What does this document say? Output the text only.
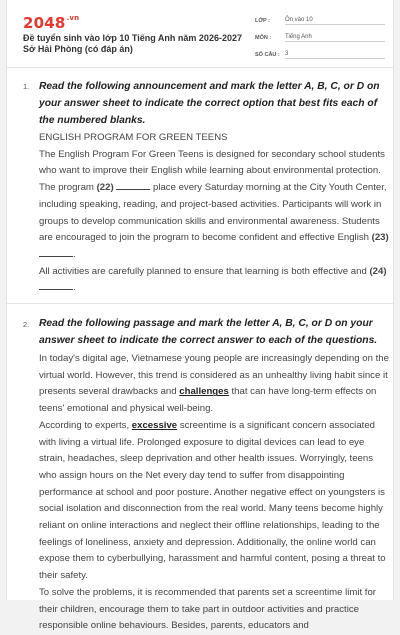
$2048^{.vn}$
Đề tuyển sinh vào lớp 10 Tiếng Anh năm 2026-2027 Sở Hải Phòng (có đáp án)
LỚP :	Ôn vào 10
MÔN : Tiếng Anh
SỐ CÂU : 3
1. Read the following announcement and mark the letter A, B, C, or D on your answer sheet to indicate the correct option that best fits each of the numbered blanks.

ENGLISH PROGRAM FOR GREEN TEENS

The English Program For Green Teens is designed for secondary school students who want to improve their English while learning about environmental protection.

The program (22)	place every Saturday morning at the City Youth Center, including speaking, reading, and project-based activities. Participants will work in groups to develop communication skills and environmental awareness. Students are encouraged to join the program to become confident and effective English (23) .

All activities are carefully planned to ensure that learning is both effective and (24) .

2. Read the following passage and mark the letter A, B, C, or D on your answer sheet to indicate the correct answer to each of the questions.

In today's digital age, Vietnamese young people are increasingly depending on the virtual world. However, this trend is considered as an unhealthy living habit since it presents several drawbacks and challenges that can have long-term effects on teens' emotional and physical well-being.

According to experts, excessive screentime is a significant concern associated with living a virtual life. Prolonged exposure to digital devices can lead to eye strain, headaches, sleep deprivation and other health issues. Worryingly, teens who assign hours on the Net every day tend to suffer from disappointing performance at school and poor posture. Another negative effect on youngsters is social isolation and disconnection from the real world. Many teens become highly reliant on online interactions and neglect their offline relationships, leading to the feelings of loneliness, anxiety and depression. Additionally, the online world can expose them to cyberbullying, harassment and harmful content, posing a threat to their safety.

To solve the problems, it is recommended that parents set a screentime limit for their children, encourage them to take part in outdoor activities and practice responsible online behaviours. Besides, parents, educators and
